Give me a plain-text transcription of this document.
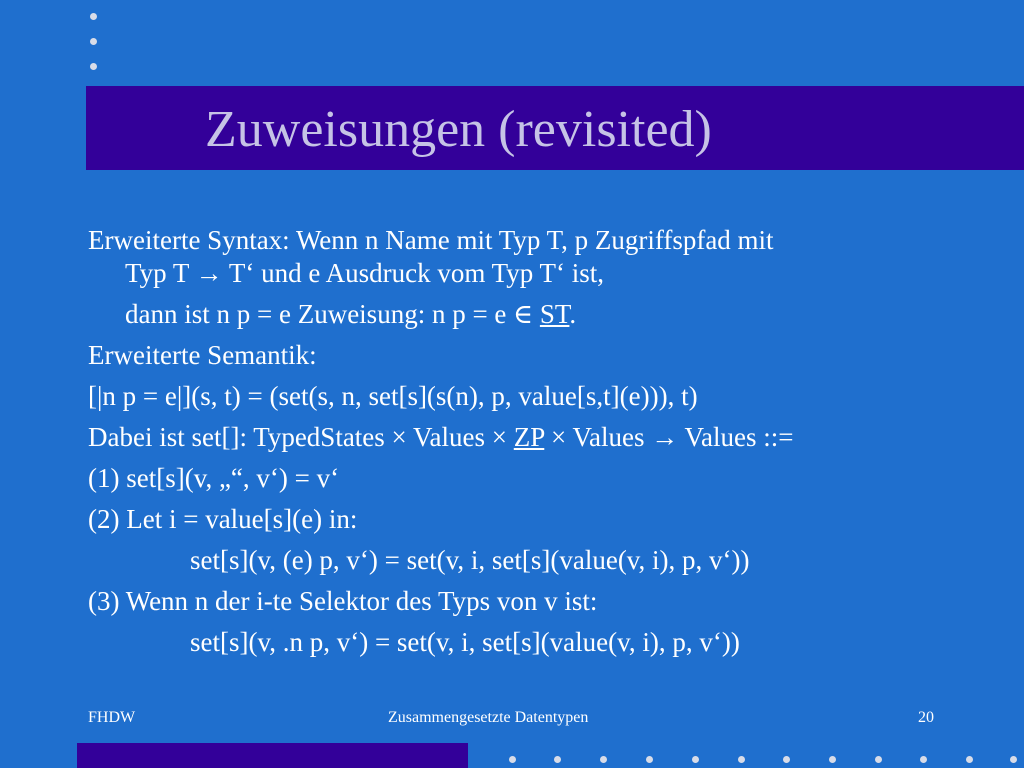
Zuweisungen (revisited)
Erweiterte Syntax: Wenn n Name mit Typ T, p Zugriffspfad mit
Typ T → T‘ und e Ausdruck vom Typ T‘ ist,
dann ist n p = e Zuweisung: n p = e ∈ ST.
Erweiterte Semantik:
[|n p = e|](s, t) = (set(s, n, set[s](s(n), p, value[s,t](e))), t)
Dabei ist set[]: TypedStates × Values × ZP × Values → Values ::=
(1) set[s](v, „“, v‘) = v‘
(2) Let i = value[s](e) in:
set[s](v, (e) p, v‘) = set(v, i, set[s](value(v, i), p, v‘))
(3) Wenn n der i-te Selektor des Typs von v ist:
set[s](v, .n p, v‘) = set(v, i, set[s](value(v, i), p, v‘))
FHDW	Zusammengesetzte Datentypen	20
